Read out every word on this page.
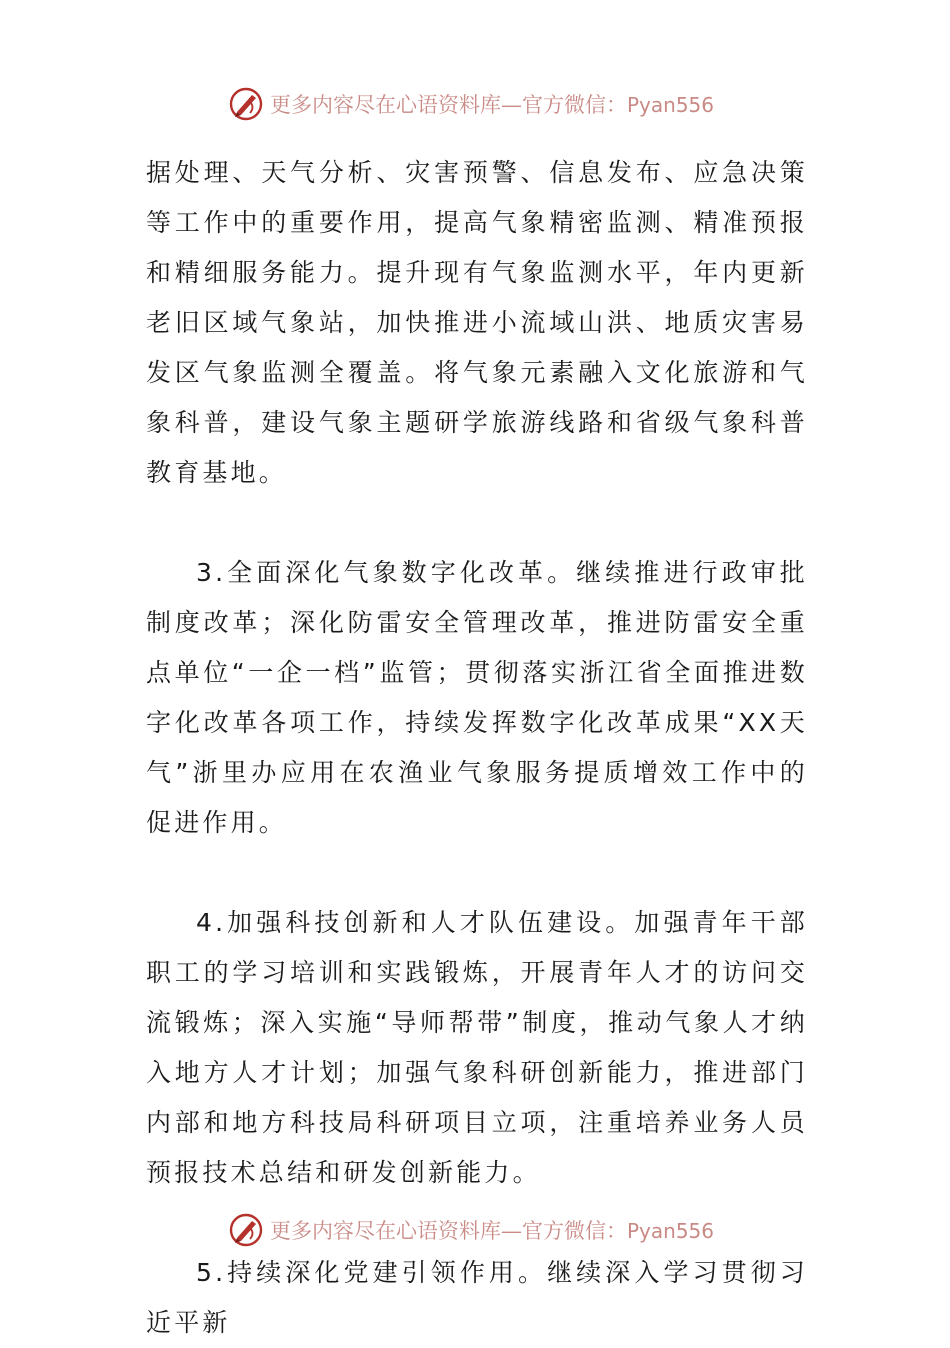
更多内容尽在心语资料库—官方微信：Pyan556

据处理、天气分析、灾害预警、信息发布、应急决策等工作中的重要作用，提高气象精密监测、精准预报和精细服务能力。提升现有气象监测水平，年内更新老旧区域气象站，加快推进小流域山洪、地质灾害易发区气象监测全覆盖。将气象元素融入文化旅游和气象科普，建设气象主题研学旅游线路和省级气象科普教育基地。

3.全面深化气象数字化改革。继续推进行政审批制度改革；深化防雷安全管理改革，推进防雷安全重点单位“一企一档”监管；贯彻落实浙江省全面推进数字化改革各项工作，持续发挥数字化改革成果“XX天气”浙里办应用在农渔业气象服务提质增效工作中的促进作用。

4.加强科技创新和人才队伍建设。加强青年干部职工的学习培训和实践锻炼，开展青年人才的访问交流锻炼；深入实施“导师帮带”制度，推动气象人才纳入地方人才计划；加强气象科研创新能力，推进部门内部和地方科技局科研项目立项，注重培养业务人员预报技术总结和研发创新能力。

5.持续深化党建引领作用。继续深入学习贯彻习近平新

更多内容尽在心语资料库—官方微信：Pyan556
